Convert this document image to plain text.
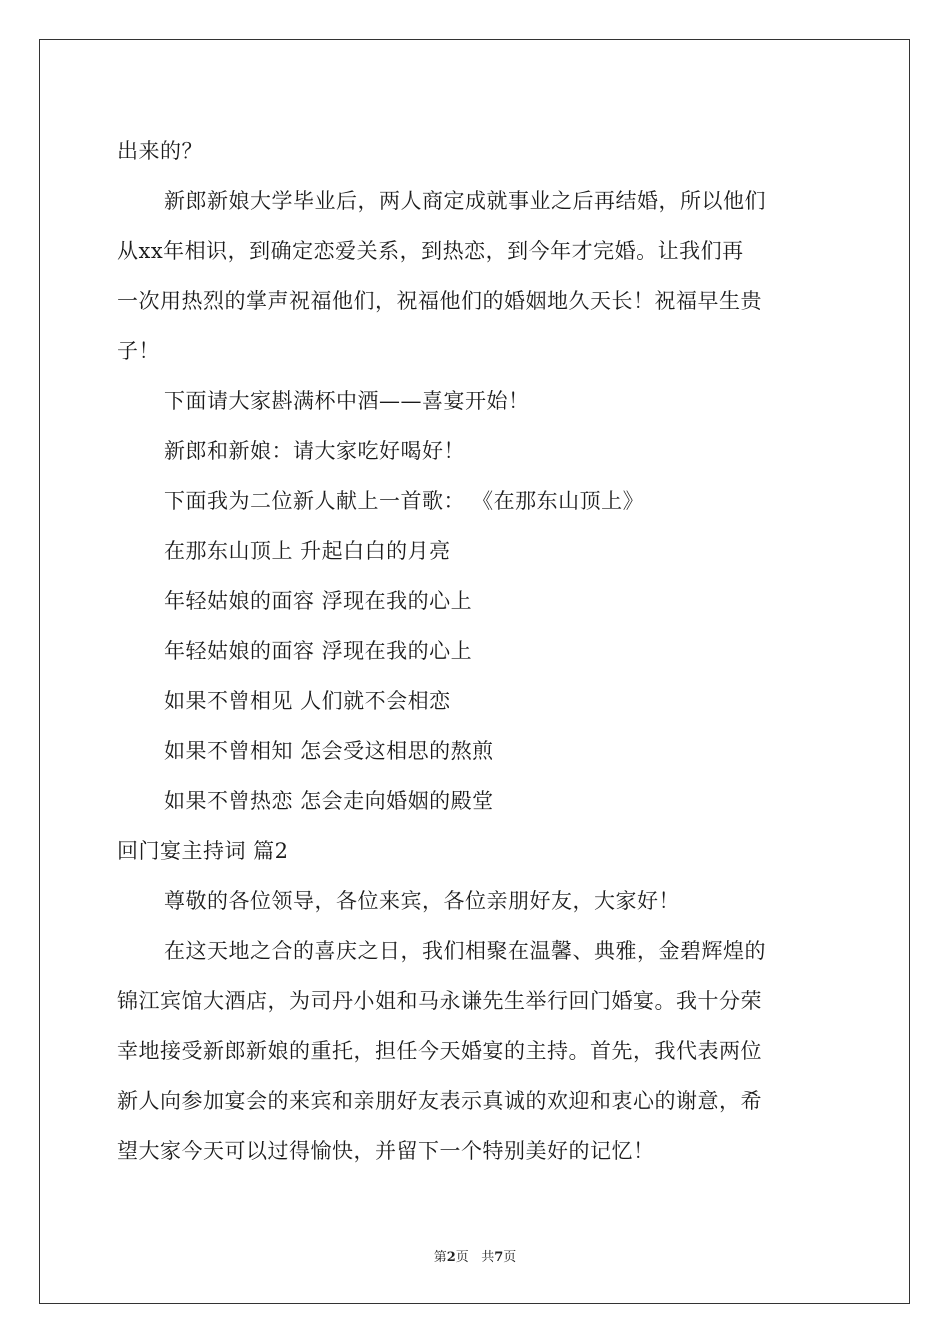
出来的？
新郎新娘大学毕业后，两人商定成就事业之后再结婚，所以他们
从xx年相识，到确定恋爱关系，到热恋，到今年才完婚。让我们再
一次用热烈的掌声祝福他们，祝福他们的婚姻地久天长！祝福早生贵
子！
下面请大家斟满杯中酒——喜宴开始！
新郎和新娘：请大家吃好喝好！
下面我为二位新人献上一首歌： 《在那东山顶上》
在那东山顶上 升起白白的月亮
年轻姑娘的面容 浮现在我的心上
年轻姑娘的面容 浮现在我的心上
如果不曾相见 人们就不会相恋
如果不曾相知 怎会受这相思的熬煎
如果不曾热恋 怎会走向婚姻的殿堂
回门宴主持词 篇2
尊敬的各位领导，各位来宾，各位亲朋好友，大家好！
在这天地之合的喜庆之日，我们相聚在温馨、典雅，金碧辉煌的
锦江宾馆大酒店，为司丹小姐和马永谦先生举行回门婚宴。我十分荣
幸地接受新郎新娘的重托，担任今天婚宴的主持。首先，我代表两位
新人向参加宴会的来宾和亲朋好友表示真诚的欢迎和衷心的谢意，希
望大家今天可以过得愉快，并留下一个特别美好的记忆！
第2页 共7页
